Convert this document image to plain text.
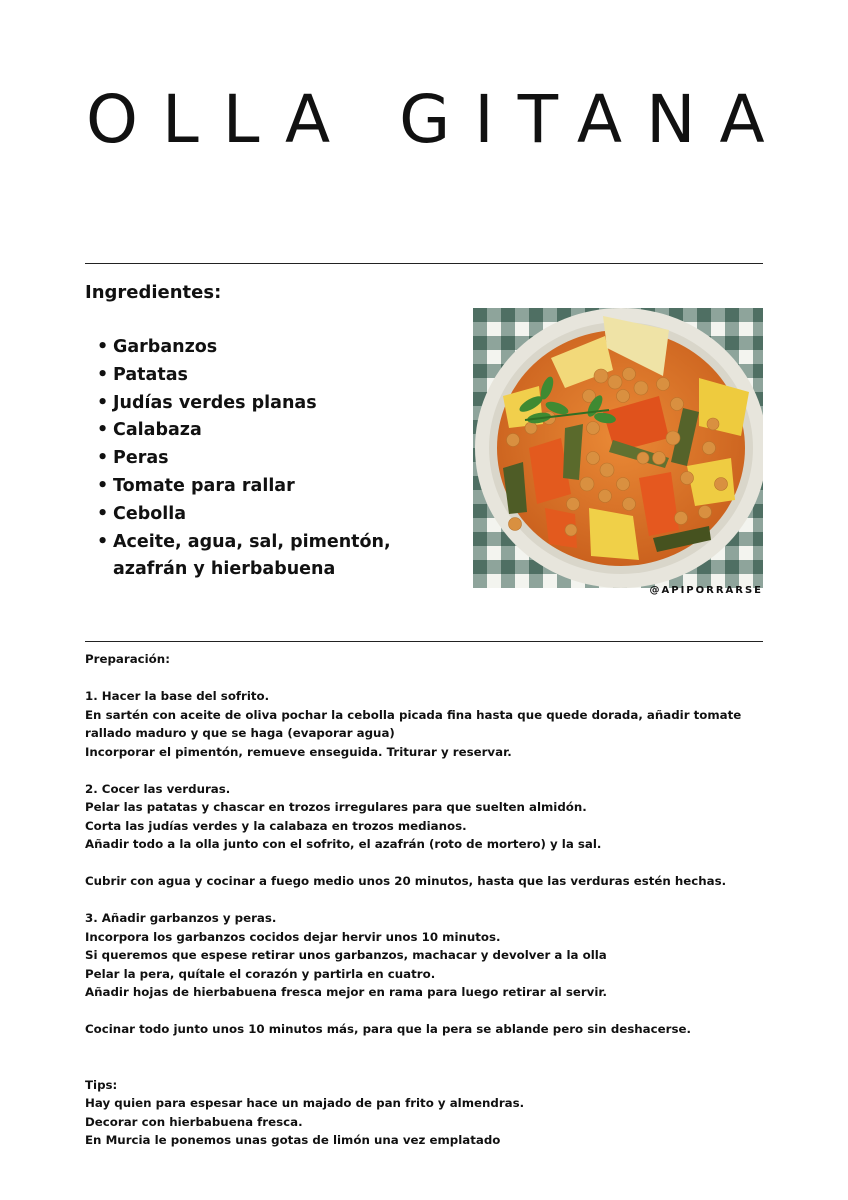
OLLA GITANA
Ingredientes:
• Garbanzos
• Patatas
• Judías verdes planas
• Calabaza
• Peras
• Tomate para rallar
• Cebolla
• Aceite, agua, sal, pimentón,
azafrán y hierbabuena
@APIPORRARSE

Preparación:

1. Hacer la base del sofrito.

En sartén con aceite de oliva pochar la cebolla picada fina hasta que quede dorada, añadir tomate

rallado maduro y que se haga (evaporar agua)

Incorporar el pimentón, remueve enseguida. Triturar y reservar.

2. Cocer las verduras.

Pelar las patatas y chascar en trozos irregulares para que suelten almidón.

Corta las judías verdes y la calabaza en trozos medianos.

Añadir todo a la olla junto con el sofrito, el azafrán (roto de mortero) y la sal.

Cubrir con agua y cocinar a fuego medio unos 20 minutos, hasta que las verduras estén hechas.

3. Añadir garbanzos y peras.

Incorpora los garbanzos cocidos dejar hervir unos 10 minutos.

Si queremos que espese retirar unos garbanzos, machacar y devolver a la olla

Pelar la pera, quítale el corazón y partirla en cuatro.

Añadir hojas de hierbabuena fresca mejor en rama para luego retirar al servir.

Cocinar todo junto unos 10 minutos más, para que la pera se ablande pero sin deshacerse.

Tips:

Hay quien para espesar hace un majado de pan frito y almendras.

Decorar con hierbabuena fresca.

En Murcia le ponemos unas gotas de limón una vez emplatado
